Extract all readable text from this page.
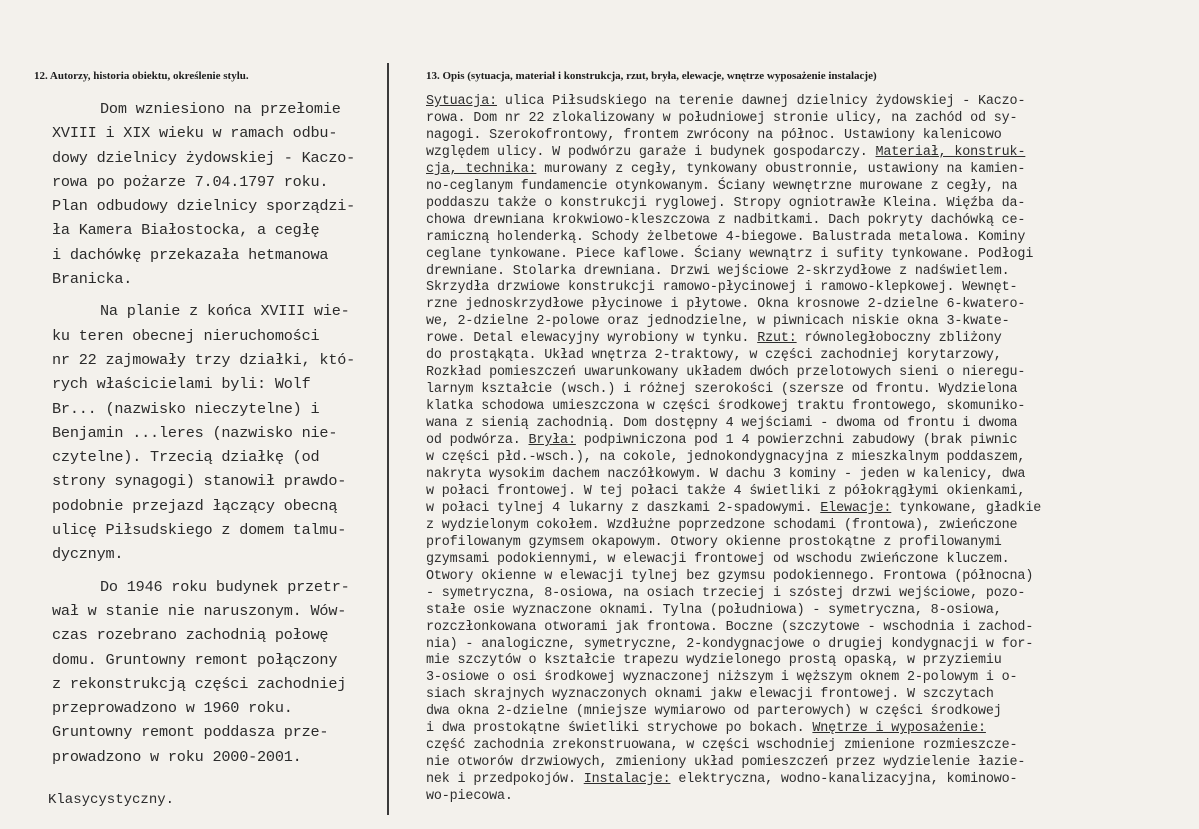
12. Autorzy, historia obiektu, określenie stylu.	13. Opis (sytuacja, materiał i konstrukcja, rzut, bryła, elewacje, wnętrze wyposażenie instalacje)
Dom wzniesiono na przełomie
XVIII i XIX wieku w ramach odbu-
dowy dzielnicy żydowskiej - Kaczo-
rowa po pożarze 7.04.1797 roku.
Plan odbudowy dzielnicy sporządzi-
ła Kamera Białostocka, a cegłę
i dachówkę przekazała hetmanowa
Branicka.
Na planie z końca XVIII wie-
ku teren obecnej nieruchomości
nr 22 zajmowały trzy działki, któ-
rych właścicielami byli: Wolf
Br... (nazwisko nieczytelne) i
Benjamin ...leres (nazwisko nie-
czytelne). Trzecią działkę (od
strony synagogi) stanowił prawdo-
podobnie przejazd łączący obecną
ulicę Piłsudskiego z domem talmu-
dycznym.
Do 1946 roku budynek przetr-
wał w stanie nie naruszonym. Wów-
czas rozebrano zachodnią połowę
domu. Gruntowny remont połączony
z rekonstrukcją części zachodniej
przeprowadzono w 1960 roku.
Gruntowny remont poddasza prze-
prowadzono w roku 2000-2001.
Klasycystyczny.
Sytuacja: ulica Piłsudskiego na terenie dawnej dzielnicy żydowskiej - Kaczo-
rowa. Dom nr 22 zlokalizowany w południowej stronie ulicy, na zachód od sy-
nagogi. Szerokofrontowy, frontem zwrócony na północ. Ustawiony kalenicowo
względem ulicy. W podwórzu garaże i budynek gospodarczy. Materiał, konstruk-
cja, technika: murowany z cegły, tynkowany obustronnie, ustawiony na kamien-
no-ceglanym fundamencie otynkowanym. Ściany wewnętrzne murowane z cegły, na
poddaszu także o konstrukcji ryglowej. Stropy ogniotrawłe Kleina. Więźba da-
chowa drewniana krokwiowo-kleszczowa z nadbitkami. Dach pokryty dachówką ce-
ramiczną holenderką. Schody żelbetowe 4-biegowe. Balustrada metalowa. Kominy
ceglane tynkowane. Piece kaflowe. Ściany wewnątrz i sufity tynkowane. Podłogi
drewniane. Stolarka drewniana. Drzwi wejściowe 2-skrzydłowe z nadświetlem.
Skrzydła drzwiowe konstrukcji ramowo-płycinowej i ramowo-klepkowej. Wewnęt-
rzne jednoskrzydłowe płycinowe i płytowe. Okna krosnowe 2-dzielne 6-kwatero-
we, 2-dzielne 2-polowe oraz jednodzielne, w piwnicach niskie okna 3-kwate-
rowe. Detal elewacyjny wyrobiony w tynku. Rzut: równoległoboczny zbliżony
do prostąkąta. Układ wnętrza 2-traktowy, w części zachodniej korytarzowy,
Rozkład pomieszczeń uwarunkowany układem dwóch przelotowych sieni o nieregu-
larnym kształcie (wsch.) i różnej szerokości (szersze od frontu. Wydzielona
klatka schodowa umieszczona w części środkowej traktu frontowego, skomuniko-
wana z sienią zachodnią. Dom dostępny 4 wejściami - dwoma od frontu i dwoma
od podwórza. Bryła: podpiwniczona pod 1 4 powierzchni zabudowy (brak piwnic
w części płd.-wsch.), na cokole, jednokondygnacyjna z mieszkalnym poddaszem,
nakryta wysokim dachem naczółkowym. W dachu 3 kominy - jeden w kalenicy, dwa
w połaci frontowej. W tej połaci także 4 świetliki z półokrągłymi okienkami,
w połaci tylnej 4 lukarny z daszkami 2-spadowymi. Elewacje: tynkowane, gładkie
z wydzielonym cokołem. Wzdłużne poprzedzone schodami (frontowa), zwieńczone
profilowanym gzymsem okapowym. Otwory okienne prostokątne z profilowanymi
gzymsami podokiennymi, w elewacji frontowej od wschodu zwieńczone kluczem.
Otwory okienne w elewacji tylnej bez gzymsu podokiennego. Frontowa (północna)
- symetryczna, 8-osiowa, na osiach trzeciej i szóstej drzwi wejściowe, pozo-
stałe osie wyznaczone oknami. Tylna (południowa) - symetryczna, 8-osiowa,
rozczłonkowana otworami jak frontowa. Boczne (szczytowe - wschodnia i zachod-
nia) - analogiczne, symetryczne, 2-kondygnacjowe o drugiej kondygnacji w for-
mie szczytów o kształcie trapezu wydzielonego prostą opaską, w przyziemiu
3-osiowe o osi środkowej wyznaczonej niższym i węższym oknem 2-polowym i o-
siach skrajnych wyznaczonych oknami jakw elewacji frontowej. W szczytach
dwa okna 2-dzielne (mniejsze wymiarowo od parterowych) w części środkowej
i dwa prostokątne świetliki strychowe po bokach. Wnętrze i wyposażenie:
część zachodnia zrekonstruowana, w części wschodniej zmienione rozmieszcze-
nie otworów drzwiowych, zmieniony układ pomieszczeń przez wydzielenie łazie-
nek i przedpokojów. Instalacje: elektryczna, wodno-kanalizacyjna, kominowo-
wo-piecowa.
